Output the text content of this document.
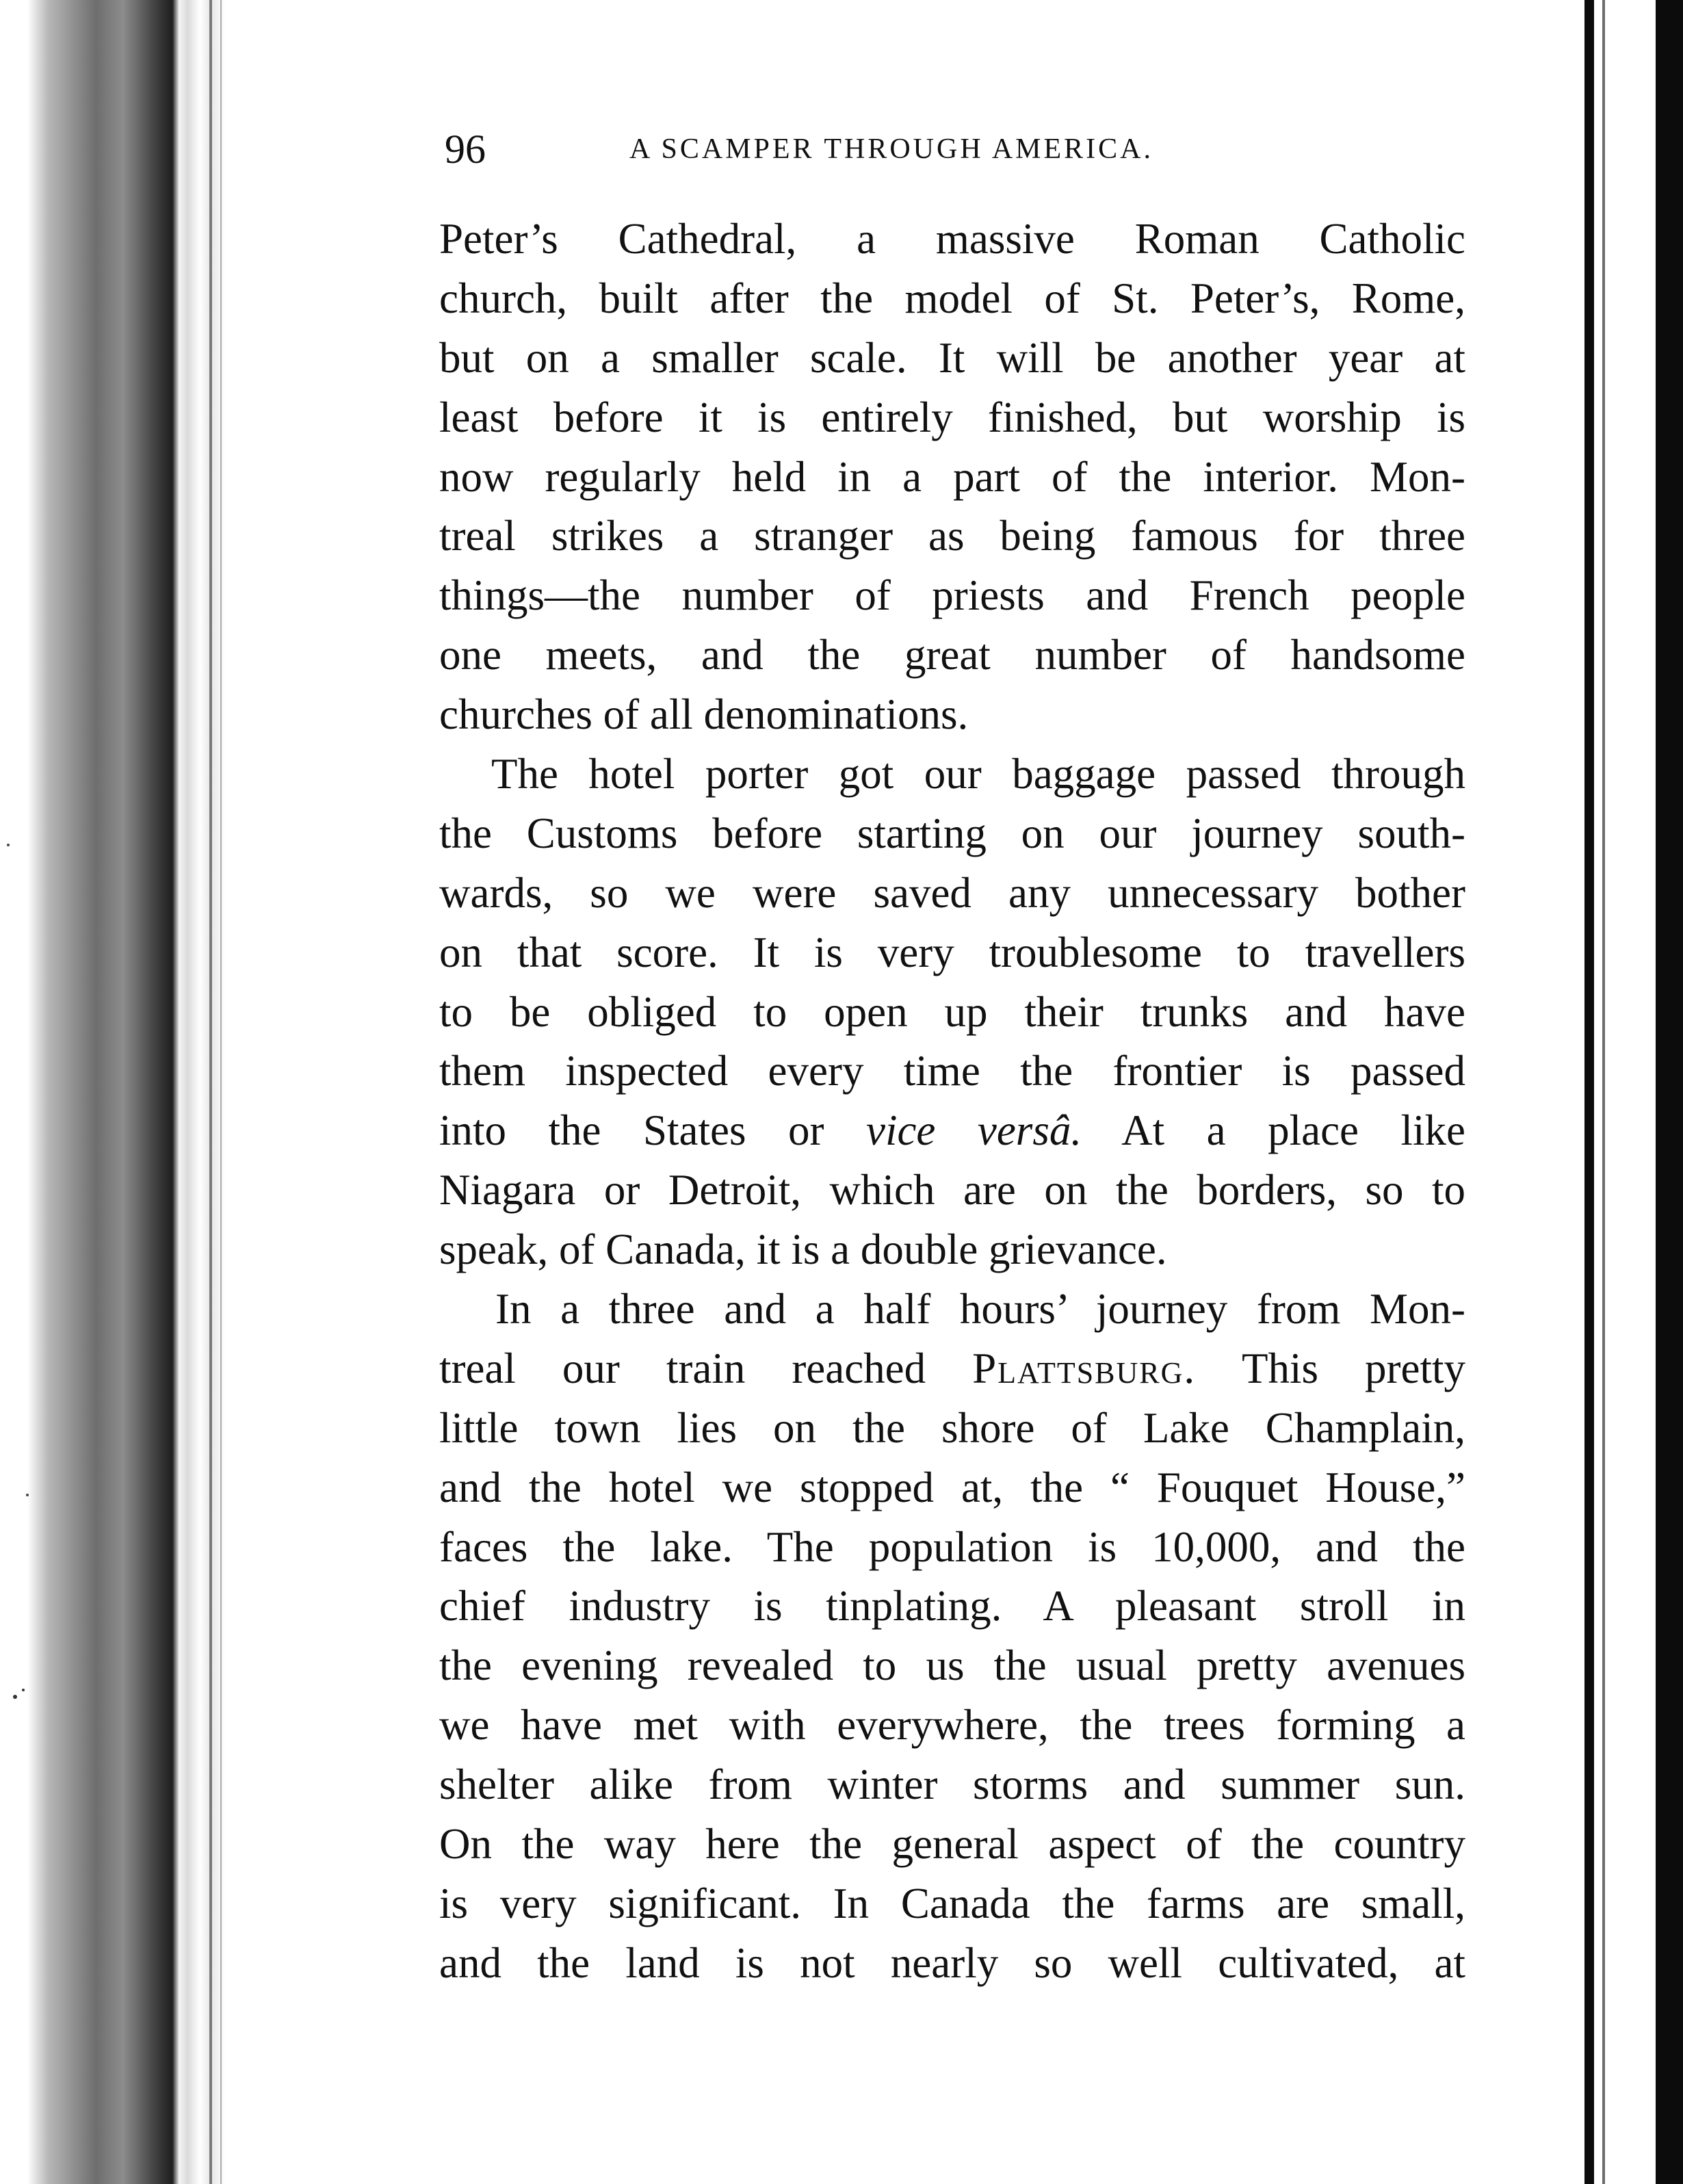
96	A SCAMPER THROUGH AMERICA.
Peter’s Cathedral, a massive Roman Catholic
church, built after the model of St. Peter’s, Rome,
but on a smaller scale. It will be another year at
least before it is entirely finished, but worship is
now regularly held in a part of the interior. Mon-
treal strikes a stranger as being famous for three
things—the number of priests and French people
one meets, and the great number of handsome
churches of all denominations.
The hotel porter got our baggage passed through
the Customs before starting on our journey south-
wards, so we were saved any unnecessary bother
on that score. It is very troublesome to travellers
to be obliged to open up their trunks and have
them inspected every time the frontier is passed
into the States or vice versâ. At a place like
Niagara or Detroit, which are on the borders, so to
speak, of Canada, it is a double grievance.
In a three and a half hours’ journey from Mon-
treal our train reached Plattsburg. This pretty
little town lies on the shore of Lake Champlain,
and the hotel we stopped at, the “ Fouquet House,”
faces the lake. The population is 10,000, and the
chief industry is tinplating. A pleasant stroll in
the evening revealed to us the usual pretty avenues
we have met with everywhere, the trees forming a
shelter alike from winter storms and summer sun.
On the way here the general aspect of the country
is very significant. In Canada the farms are small,
and the land is not nearly so well cultivated, at
